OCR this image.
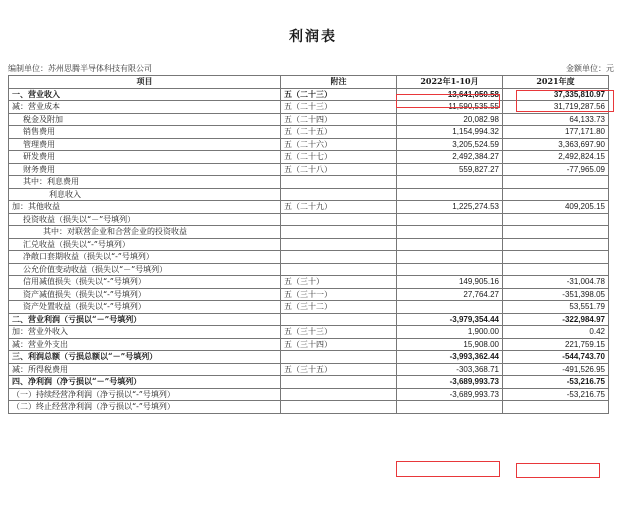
利润表
编制单位：苏州思腾半导体科技有限公司	金额单位：元
项目	附注	2022年1-10月	2021年度
一、营业收入	五（二十三）	13,641,050.58	37,335,810.97
减：营业成本	五（二十三）	11,590,535.55	31,719,287.56
税金及附加	五（二十四）	20,082.98	64,133.73
销售费用	五（二十五）	1,154,994.32	177,171.80
管理费用	五（二十六）	3,205,524.59	3,363,697.90
研发费用	五（二十七）	2,492,384.27	2,492,824.15
财务费用	五（二十八）	559,827.27	-77,965.09
其中：利息费用			
利息收入			
加：其他收益	五（二十九）	1,225,274.53	409,205.15
投资收益（损失以“－”号填列）			
其中：对联营企业和合营企业的投资收益			
汇兑收益（损失以“-”号填列）			
净敞口套期收益（损失以“-”号填列）			
公允价值变动收益（损失以“－”号填列）			
信用减值损失（损失以“-”号填列）	五（三十）	149,905.16	-31,004.78
资产减值损失（损失以“-”号填列）	五（三十一）	27,764.27	-351,398.05
资产处置收益（损失以“-”号填列）	五（三十二）		53,551.79
二、营业利润（亏损以“－”号填列）		-3,979,354.44	-322,984.97
加：营业外收入	五（三十三）	1,900.00	0.42
减：营业外支出	五（三十四）	15,908.00	221,759.15
三、利润总额（亏损总额以“－”号填列）		-3,993,362.44	-544,743.70
减：所得税费用	五（三十五）	-303,368.71	-491,526.95
四、净利润（净亏损以“－”号填列）		-3,689,993.73	-53,216.75
（一）持续经营净利润（净亏损以“-”号填列）		-3,689,993.73	-53,216.75
（二）终止经营净利润（净亏损以“-”号填列）			
